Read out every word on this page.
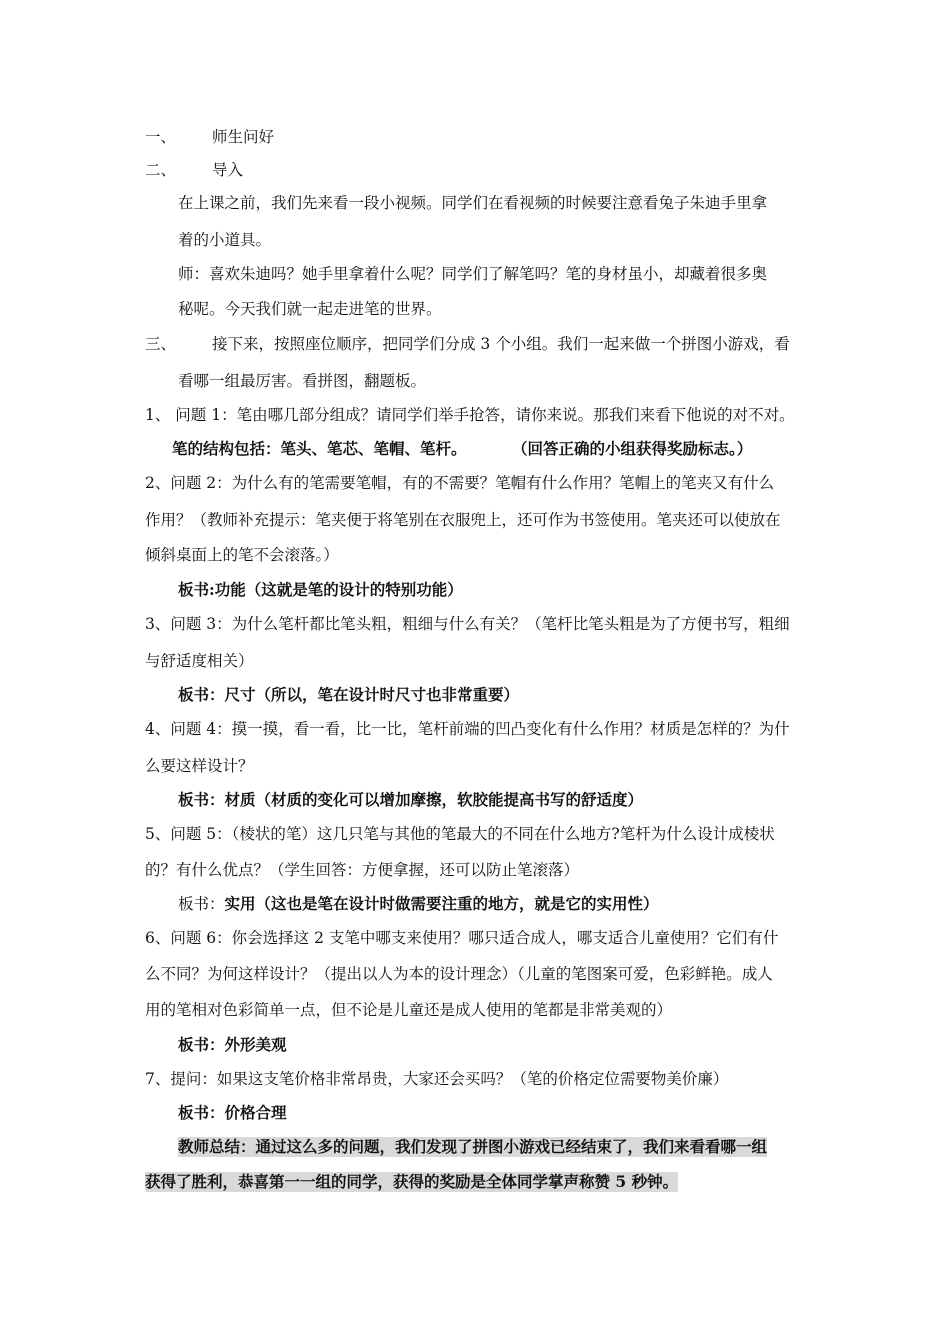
一、 师生问好
二、 导入
在上课之前，我们先来看一段小视频。同学们在看视频的时候要注意看兔子朱迪手里拿
着的小道具。
师：喜欢朱迪吗？她手里拿着什么呢？同学们了解笔吗？笔的身材虽小，却藏着很多奥
秘呢。今天我们就一起走进笔的世界。
三、 接下来，按照座位顺序，把同学们分成 3 个小组。我们一起来做一个拼图小游戏，看
看哪一组最厉害。看拼图，翻题板。
1、 问题 1：笔由哪几部分组成？请同学们举手抢答，请你来说。那我们来看下他说的对不对。
笔的结构包括：笔头、笔芯、笔帽、笔杆。	（回答正确的小组获得奖励标志。）
2、问题 2：为什么有的笔需要笔帽，有的不需要？笔帽有什么作用？笔帽上的笔夹又有什么
作用？（教师补充提示：笔夹便于将笔别在衣服兜上，还可作为书签使用。笔夹还可以使放在
倾斜桌面上的笔不会滚落。）
板书:功能（这就是笔的设计的特别功能）
3、问题 3：为什么笔杆都比笔头粗，粗细与什么有关？（笔杆比笔头粗是为了方便书写，粗细
与舒适度相关）
板书：尺寸（所以，笔在设计时尺寸也非常重要）
4、问题 4：摸一摸，看一看，比一比，笔杆前端的凹凸变化有什么作用？材质是怎样的？为什
么要这样设计？
板书：材质（材质的变化可以增加摩擦，软胶能提高书写的舒适度）
5、问题 5：（棱状的笔）这几只笔与其他的笔最大的不同在什么地方?笔杆为什么设计成棱状
的？有什么优点？（学生回答：方便拿握，还可以防止笔滚落）
板书：实用（这也是笔在设计时做需要注重的地方，就是它的实用性）
6、问题 6：你会选择这 2 支笔中哪支来使用？哪只适合成人，哪支适合儿童使用？它们有什
么不同？为何这样设计？（提出以人为本的设计理念）（儿童的笔图案可爱，色彩鲜艳。成人
用的笔相对色彩简单一点，但不论是儿童还是成人使用的笔都是非常美观的）
板书：外形美观
7、提问：如果这支笔价格非常昂贵，大家还会买吗？（笔的价格定位需要物美价廉）
板书：价格合理
教师总结：通过这么多的问题，我们发现了拼图小游戏已经结束了，我们来看看哪一组
获得了胜利，恭喜第一一组的同学，获得的奖励是全体同学掌声称赞 5 秒钟。
